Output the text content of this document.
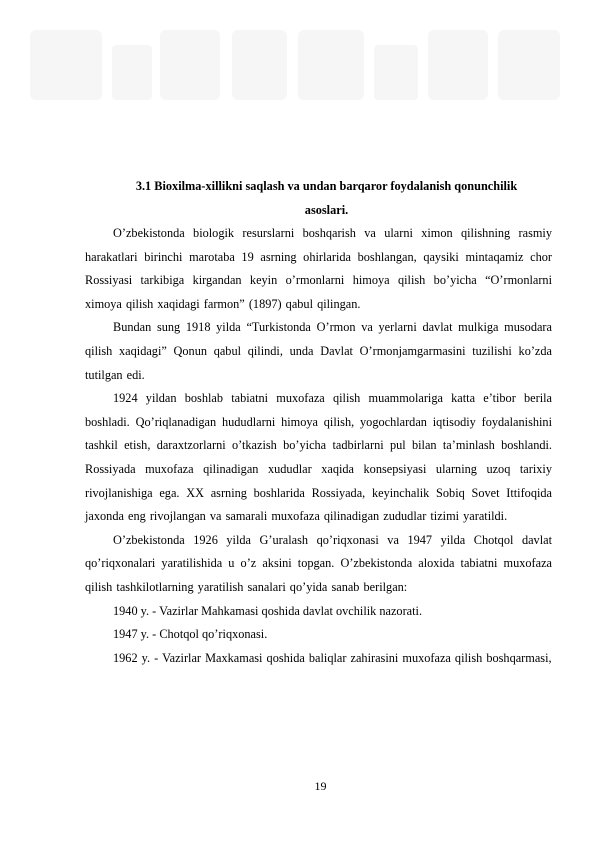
3.1 Bioxilma-xillikni saqlash va undan barqaror foydalanish qonunchilik

asoslari.

O’zbekistonda biologik resurslarni boshqarish va ularni ximon qilishning rasmiy harakatlari birinchi marotaba 19 asrning ohirlarida boshlangan, qaysiki mintaqamiz chor Rossiyasi tarkibiga kirgandan keyin o’rmonlarni himoya qilish bo’yicha “O’rmonlarni ximoya qilish xaqidagi farmon” (1897) qabul qilingan.

Bundan sung 1918 yilda “Turkistonda O’rmon va yerlarni davlat mulkiga musodara qilish xaqidagi” Qonun qabul qilindi, unda Davlat O’rmonjamgarmasini tuzilishi ko’zda tutilgan edi.

1924 yildan boshlab tabiatni muxofaza qilish muammolariga katta e’tibor berila boshladi. Qo’riqlanadigan hududlarni himoya qilish, yogochlardan iqtisodiy foydalanishini tashkil etish, daraxtzorlarni o’tkazish bo’yicha tadbirlarni pul bilan ta’minlash boshlandi. Rossiyada muxofaza qilinadigan xududlar xaqida konsepsiyasi ularning uzoq tarixiy rivojlanishiga ega. XX asrning boshlarida Rossiyada, keyinchalik Sobiq Sovet Ittifoqida jaxonda eng rivojlangan va samarali muxofaza qilinadigan zududlar tizimi yaratildi.

O’zbekistonda 1926 yilda G’uralash qo’riqxonasi va 1947 yilda Chotqol davlat qo’riqxonalari yaratilishida u o’z aksini topgan. O’zbekistonda aloxida tabiatni muxofaza qilish tashkilotlarning yaratilish sanalari qo’yida sanab berilgan:

1940 y. - Vazirlar Mahkamasi qoshida davlat ovchilik nazorati.

1947 y. - Chotqol qo’riqxonasi.

1962 y. - Vazirlar Maxkamasi qoshida baliqlar zahirasini muxofaza qilish boshqarmasi,

19
